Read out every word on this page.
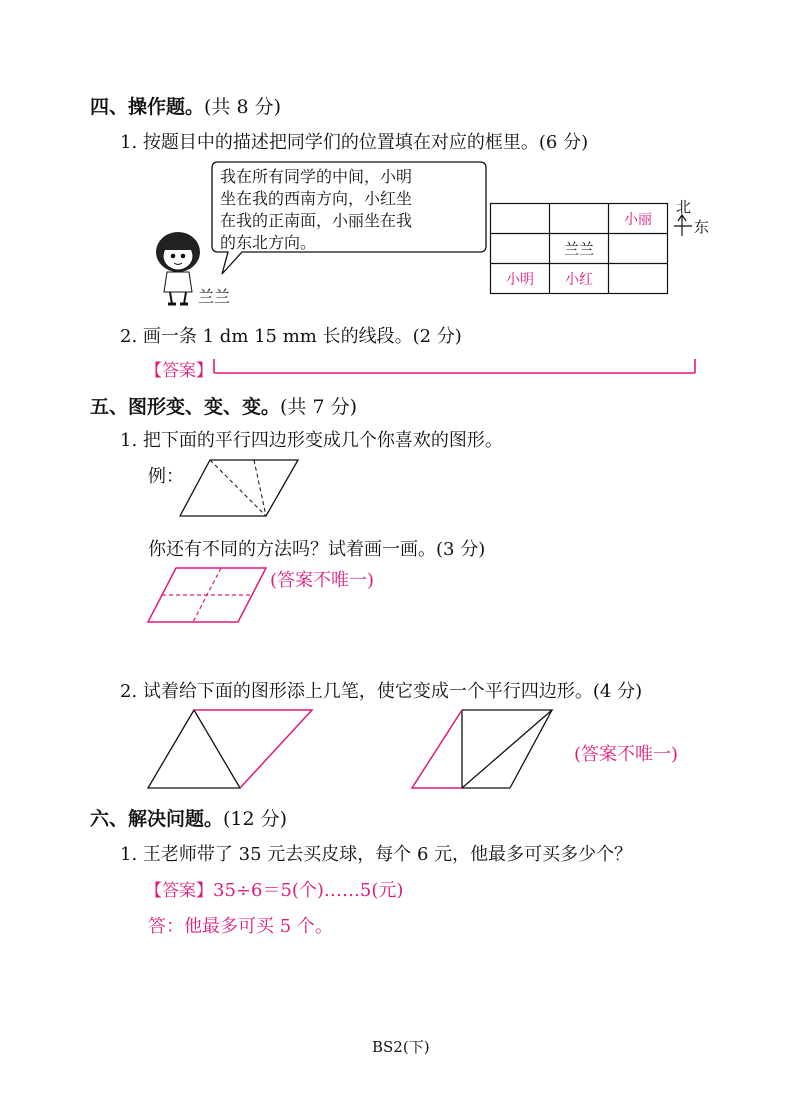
四、操作题。(共 8 分)
1. 按题目中的描述把同学们的位置填在对应的框里。(6 分)
我在所有同学的中间，小明
坐在我的西南方向，小红坐
在我的正南面，小丽坐在我
的东北方向。
兰兰
小丽
兰兰
小明 小红
北
东
2. 画一条 1 dm 15 mm 长的线段。(2 分)
【答案】
五、图形变、变、变。(共 7 分)
1. 把下面的平行四边形变成几个你喜欢的图形。
例：
你还有不同的方法吗？试着画一画。(3 分)
(答案不唯一)
2. 试着给下面的图形添上几笔，使它变成一个平行四边形。(4 分)
(答案不唯一)
六、解决问题。(12 分)
1. 王老师带了 35 元去买皮球，每个 6 元，他最多可买多少个？
【答案】35÷6＝5(个)……5(元)
答：他最多可买 5 个。
BS2(下)
